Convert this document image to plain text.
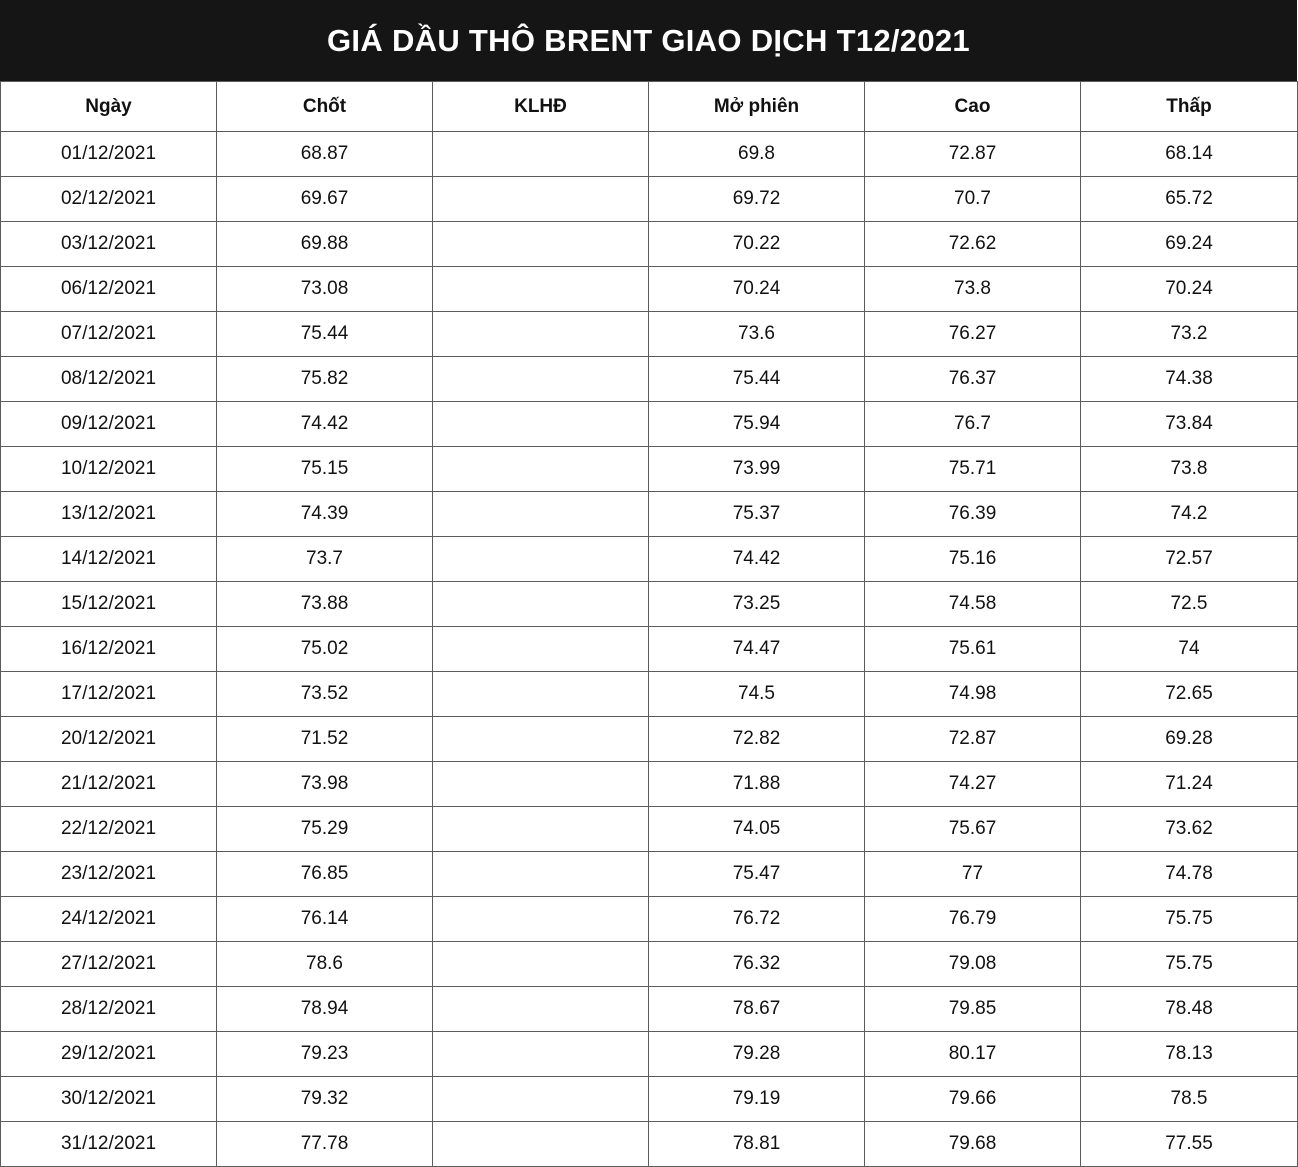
GIÁ DẦU THÔ BRENT GIAO DỊCH T12/2021
Ngày	Chốt	KLHĐ	Mở phiên	Cao	Thấp
01/12/2021	68.87		69.8	72.87	68.14
02/12/2021	69.67		69.72	70.7	65.72
03/12/2021	69.88		70.22	72.62	69.24
06/12/2021	73.08		70.24	73.8	70.24
07/12/2021	75.44		73.6	76.27	73.2
08/12/2021	75.82		75.44	76.37	74.38
09/12/2021	74.42		75.94	76.7	73.84
10/12/2021	75.15		73.99	75.71	73.8
13/12/2021	74.39		75.37	76.39	74.2
14/12/2021	73.7		74.42	75.16	72.57
15/12/2021	73.88		73.25	74.58	72.5
16/12/2021	75.02		74.47	75.61	74
17/12/2021	73.52		74.5	74.98	72.65
20/12/2021	71.52		72.82	72.87	69.28
21/12/2021	73.98		71.88	74.27	71.24
22/12/2021	75.29		74.05	75.67	73.62
23/12/2021	76.85		75.47	77	74.78
24/12/2021	76.14		76.72	76.79	75.75
27/12/2021	78.6		76.32	79.08	75.75
28/12/2021	78.94		78.67	79.85	78.48
29/12/2021	79.23		79.28	80.17	78.13
30/12/2021	79.32		79.19	79.66	78.5
31/12/2021	77.78		78.81	79.68	77.55
